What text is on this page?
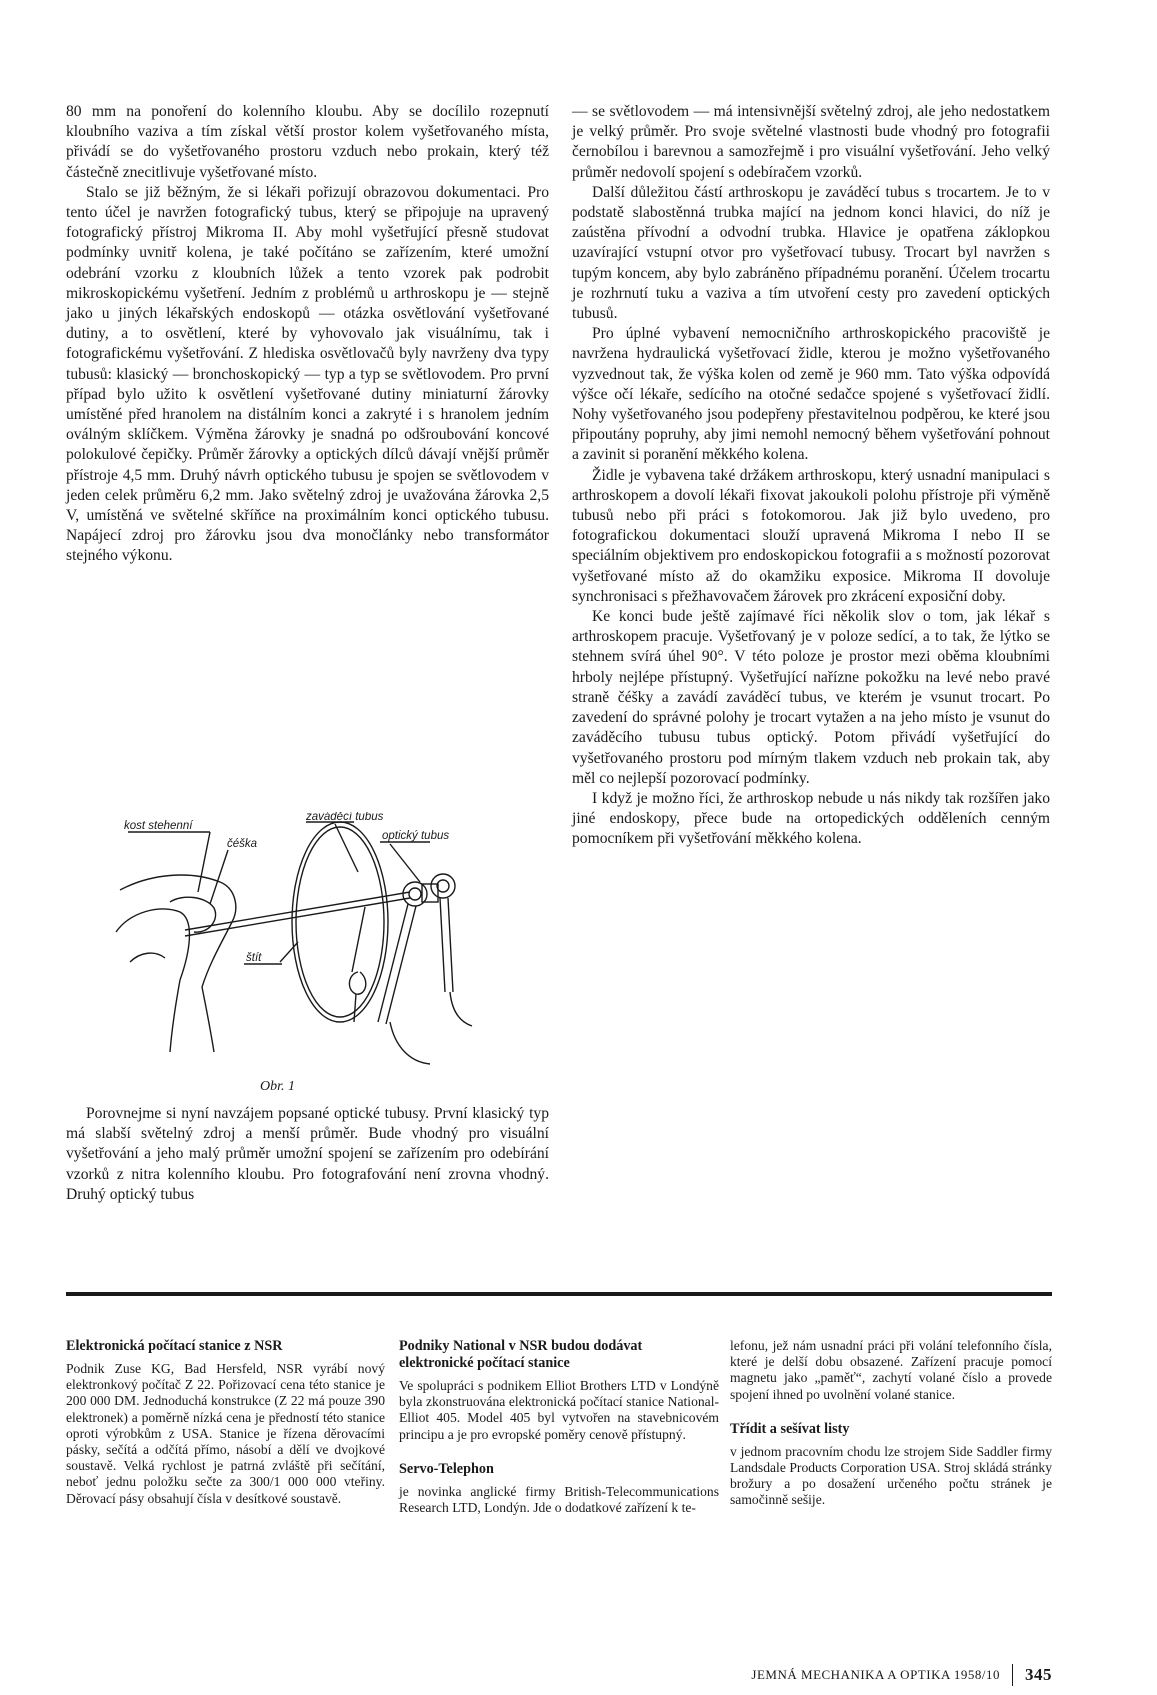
80 mm na ponoření do kolenního kloubu. Aby se docílilo rozepnutí kloubního vaziva a tím získal větší prostor kolem vyšetřovaného místa, přivádí se do vyšetřovaného prostoru vzduch nebo prokain, který též částečně znecitlivuje vyšetřované místo.

Stalo se již běžným, že si lékaři pořizují obrazovou dokumentaci. Pro tento účel je navržen fotografický tubus, který se připojuje na upravený fotografický přístroj Mikroma II. Aby mohl vyšetřující přesně studovat podmínky uvnitř kolena, je také počítáno se zařízením, které umožní odebrání vzorku z kloubních lůžek a tento vzorek pak podrobit mikroskopickému vyšetření. Jedním z problémů u arthroskopu je — stejně jako u jiných lékařských endoskopů — otázka osvětlování vyšetřované dutiny, a to osvětlení, které by vyhovovalo jak visuálnímu, tak i fotografickému vyšetřování. Z hlediska osvětlovačů byly navrženy dva typy tubusů: klasický — bronchoskopický — typ a typ se světlovodem. Pro první případ bylo užito k osvětlení vyšetřované dutiny miniaturní žárovky umístěné před hranolem na distálním konci a zakryté i s hranolem jedním oválným sklíčkem. Výměna žárovky je snadná po odšroubování koncové polokulové čepičky. Průměr žárovky a optických dílců dávají vnější průměr přístroje 4,5 mm. Druhý návrh optického tubusu je spojen se světlovodem v jeden celek průměru 6,2 mm. Jako světelný zdroj je uvažována žárovka 2,5 V, umístěná ve světelné skříňce na proximálním konci optického tubusu. Napájecí zdroj pro žárovku jsou dva monočlánky nebo transformátor stejného výkonu.

kost stehenní
čéška
zaváděcí tubus
optický tubus
štít
Obr. 1

Porovnejme si nyní navzájem popsané optické tubusy. První klasický typ má slabší světelný zdroj a menší průměr. Bude vhodný pro visuální vyšetřování a jeho malý průměr umožní spojení se zařízením pro odebírání vzorků z nitra kolenního kloubu. Pro fotografování není zrovna vhodný. Druhý optický tubus

— se světlovodem — má intensivnější světelný zdroj, ale jeho nedostatkem je velký průměr. Pro svoje světelné vlastnosti bude vhodný pro fotografii černobílou i barevnou a samozřejmě i pro visuální vyšetřování. Jeho velký průměr nedovolí spojení s odebíračem vzorků.

Další důležitou částí arthroskopu je zaváděcí tubus s trocartem. Je to v podstatě slabostěnná trubka mající na jednom konci hlavici, do níž je zaústěna přívodní a odvodní trubka. Hlavice je opatřena záklopkou uzavírající vstupní otvor pro vyšetřovací tubusy. Trocart byl navržen s tupým koncem, aby bylo zabráněno případnému poranění. Účelem trocartu je rozhrnutí tuku a vaziva a tím utvoření cesty pro zavedení optických tubusů.

Pro úplné vybavení nemocničního arthroskopického pracoviště je navržena hydraulická vyšetřovací židle, kterou je možno vyšetřovaného vyzvednout tak, že výška kolen od země je 960 mm. Tato výška odpovídá výšce očí lékaře, sedícího na otočné sedačce spojené s vyšetřovací židlí. Nohy vyšetřovaného jsou podepřeny přestavitelnou podpěrou, ke které jsou připoutány popruhy, aby jimi nemohl nemocný během vyšetřování pohnout a zavinit si poranění měkkého kolena.

Židle je vybavena také držákem arthroskopu, který usnadní manipulaci s arthroskopem a dovolí lékaři fixovat jakoukoli polohu přístroje při výměně tubusů nebo při práci s fotokomorou. Jak již bylo uvedeno, pro fotografickou dokumentaci slouží upravená Mikroma I nebo II se speciálním objektivem pro endoskopickou fotografii a s možností pozorovat vyšetřované místo až do okamžiku exposice. Mikroma II dovoluje synchronisaci s přežhavovačem žárovek pro zkrácení exposiční doby.

Ke konci bude ještě zajímavé říci několik slov o tom, jak lékař s arthroskopem pracuje. Vyšetřovaný je v poloze sedící, a to tak, že lýtko se stehnem svírá úhel 90°. V této poloze je prostor mezi oběma kloubními hrboly nejlépe přístupný. Vyšetřující nařízne pokožku na levé nebo pravé straně čéšky a zavádí zaváděcí tubus, ve kterém je vsunut trocart. Po zavedení do správné polohy je trocart vytažen a na jeho místo je vsunut do zaváděcího tubusu tubus optický. Potom přivádí vyšetřující do vyšetřovaného prostoru pod mírným tlakem vzduch neb prokain tak, aby měl co nejlepší pozorovací podmínky.

I když je možno říci, že arthroskop nebude u nás nikdy tak rozšířen jako jiné endoskopy, přece bude na ortopedických odděleních cenným pomocníkem při vyšetřování měkkého kolena.

Elektronická počítací stanice z NSR

Podnik Zuse KG, Bad Hersfeld, NSR vyrábí nový elektronkový počítač Z 22. Pořizovací cena této stanice je 200 000 DM. Jednoduchá konstrukce (Z 22 má pouze 390 elektronek) a poměrně nízká cena je předností této stanice oproti výrobkům z USA. Stanice je řízena děrovacími pásky, sečítá a odčítá přímo, násobí a dělí ve dvojkové soustavě. Velká rychlost je patrná zvláště při sečítání, neboť jednu položku sečte za 300/1 000 000 vteřiny. Děrovací pásy obsahují čísla v desítkové soustavě.

Podniky National v NSR budou dodávat elektronické počítací stanice

Ve spolupráci s podnikem Elliot Brothers LTD v Londýně byla zkonstruována elektronická počítací stanice National-Elliot 405. Model 405 byl vytvořen na stavebnicovém principu a je pro evropské poměry cenově přístupný.

Servo-Telephon

je novinka anglické firmy British-Telecommunications Research LTD, Londýn. Jde o dodatkové zařízení k te-

lefonu, jež nám usnadní práci při volání telefonního čísla, které je delší dobu obsazené. Zařízení pracuje pomocí magnetu jako „paměť“, zachytí volané číslo a provede spojení ihned po uvolnění volané stanice.

Třídit a sešívat listy

v jednom pracovním chodu lze strojem Side Saddler firmy Landsdale Products Corporation USA. Stroj skládá stránky brožury a po dosažení určeného počtu stránek je samočinně sešije.

JEMNÁ MECHANIKA A OPTIKA 1958/10 345
